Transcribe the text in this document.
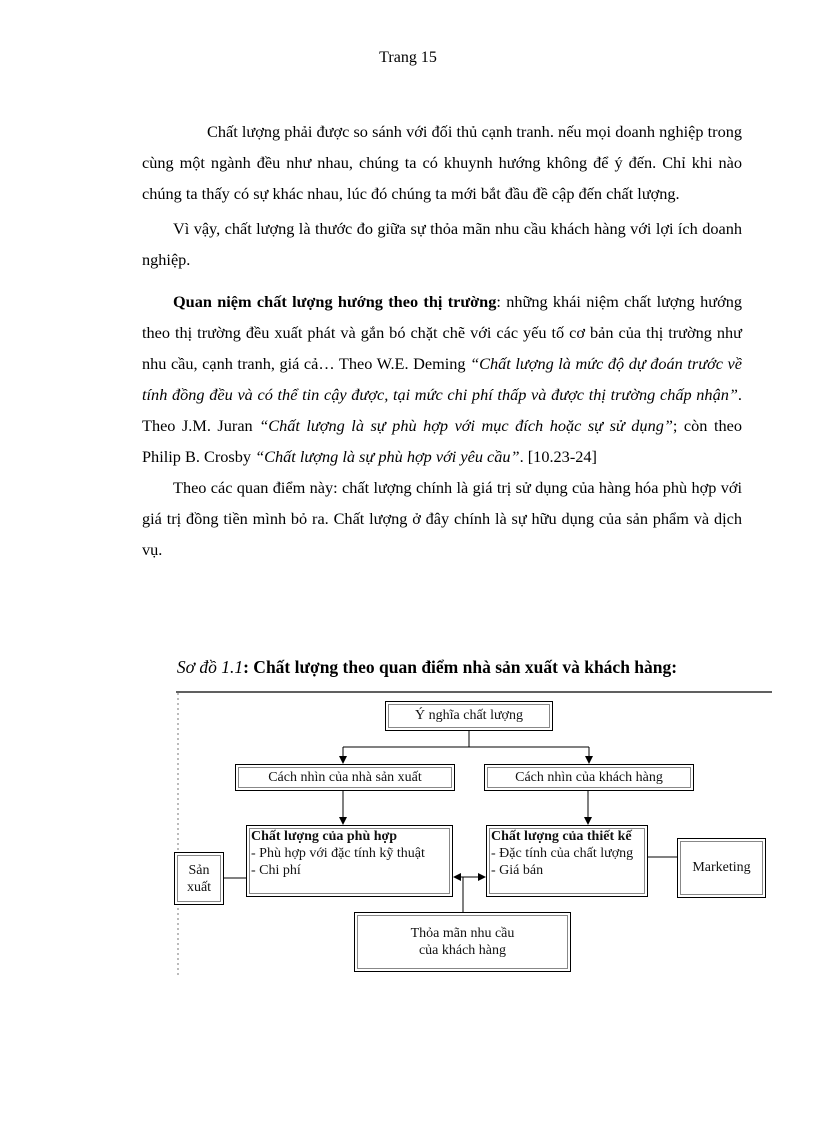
Trang 15

Chất lượng phải được so sánh với đối thủ cạnh tranh. nếu mọi doanh nghiệp trong cùng một ngành đều như nhau, chúng ta có khuynh hướng không để ý đến. Chỉ khi nào chúng ta thấy có sự khác nhau, lúc đó chúng ta mới bắt đầu đề cập đến chất lượng.

Vì vậy, chất lượng là thước đo giữa sự thỏa mãn nhu cầu khách hàng với lợi ích doanh nghiệp.

Quan niệm chất lượng hướng theo thị trường: những khái niệm chất lượng hướng theo thị trường đều xuất phát và gắn bó chặt chẽ với các yếu tố cơ bản của thị trường như nhu cầu, cạnh tranh, giá cả… Theo W.E. Deming “Chất lượng là mức độ dự đoán trước về tính đồng đều và có thể tin cậy được, tại mức chi phí thấp và được thị trường chấp nhận”. Theo J.M. Juran “Chất lượng là sự phù hợp với mục đích hoặc sự sử dụng”; còn theo Philip B. Crosby “Chất lượng là sự phù hợp với yêu cầu”. [10.23-24]

Theo các quan điểm này: chất lượng chính là giá trị sử dụng của hàng hóa phù hợp với giá trị đồng tiền mình bỏ ra. Chất lượng ở đây chính là sự hữu dụng của sản phẩm và dịch vụ.

Sơ đồ 1.1: Chất lượng theo quan điểm nhà sản xuất và khách hàng:
Ý nghĩa chất lượng
Cách nhìn của nhà sản xuất	Cách nhìn của khách hàng
Chất lượng của phù hợp
- Phù hợp với đặc tính kỹ thuật
- Chi phí
Chất lượng của thiết kế
- Đặc tính của chất lượng
- Giá bán
Sản
xuất
Marketing
Thỏa mãn nhu cầu
của khách hàng
